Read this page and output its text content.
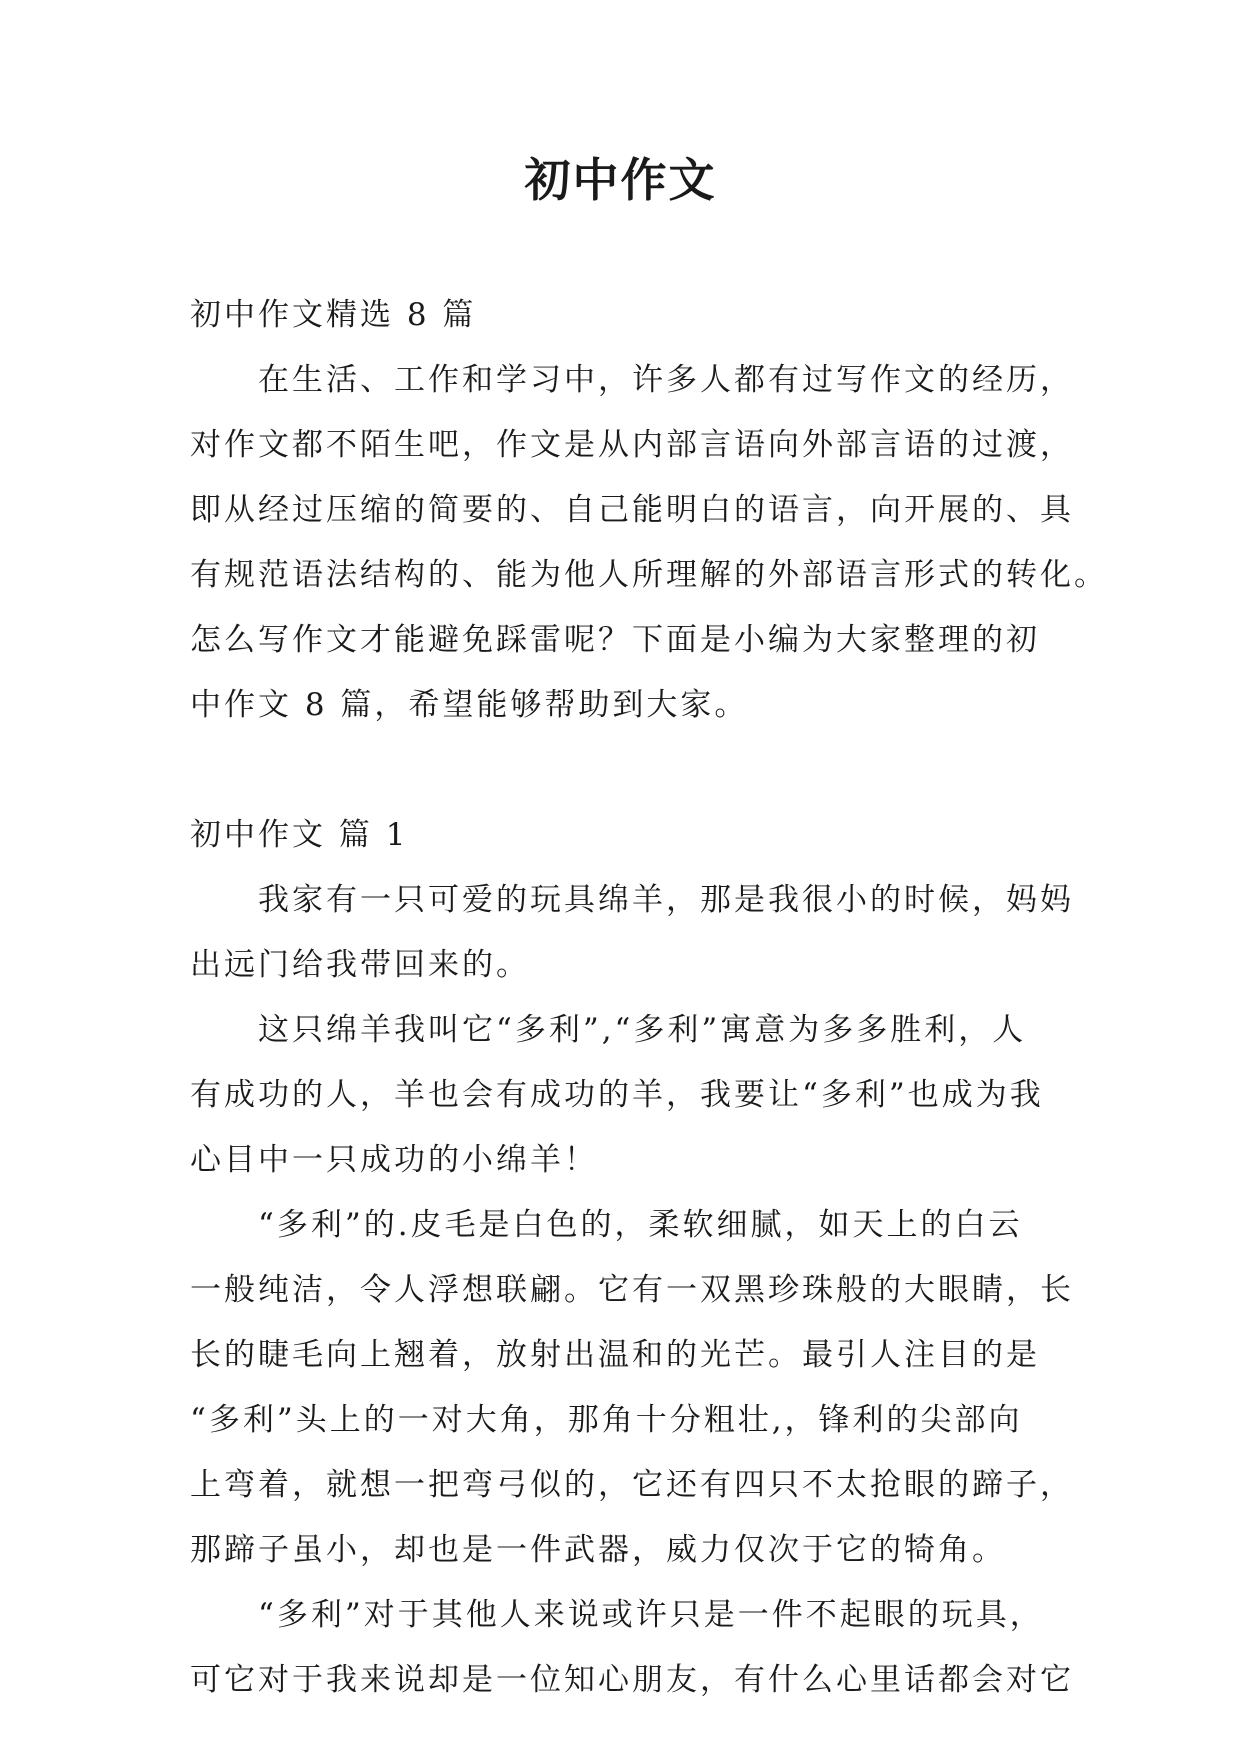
初中作文
初中作文精选 8 篇
在生活、工作和学习中，许多人都有过写作文的经历，
对作文都不陌生吧，作文是从内部言语向外部言语的过渡，
即从经过压缩的简要的、自己能明白的语言，向开展的、具
有规范语法结构的、能为他人所理解的外部语言形式的转化。
怎么写作文才能避免踩雷呢？下面是小编为大家整理的初
中作文 8 篇，希望能够帮助到大家。
初中作文 篇 1
我家有一只可爱的玩具绵羊，那是我很小的时候，妈妈
出远门给我带回来的。
这只绵羊我叫它“多利”,“多利”寓意为多多胜利，人
有成功的人，羊也会有成功的羊，我要让“多利”也成为我
心目中一只成功的小绵羊！
“多利”的.皮毛是白色的，柔软细腻，如天上的白云
一般纯洁，令人浮想联翩。它有一双黑珍珠般的大眼睛，长
长的睫毛向上翘着，放射出温和的光芒。最引人注目的是
“多利”头上的一对大角，那角十分粗壮,，锋利的尖部向
上弯着，就想一把弯弓似的，它还有四只不太抢眼的蹄子，
那蹄子虽小，却也是一件武器，威力仅次于它的犄角。
“多利”对于其他人来说或许只是一件不起眼的玩具，
可它对于我来说却是一位知心朋友，有什么心里话都会对它
